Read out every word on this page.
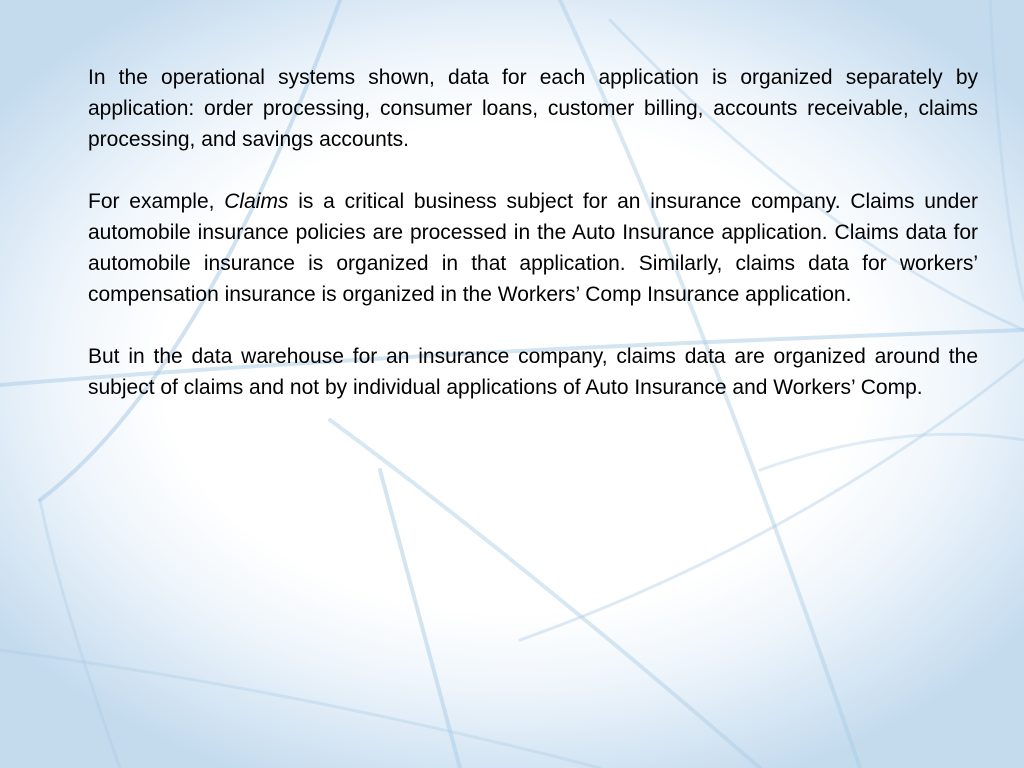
In the operational systems shown, data for each application is organized separately by application: order processing, consumer loans, customer billing, accounts receivable, claims processing, and savings accounts.

For example, Claims is a critical business subject for an insurance company. Claims under automobile insurance policies are processed in the Auto Insurance application. Claims data for automobile insurance is organized in that application. Similarly, claims data for workers’ compensation insurance is organized in the Workers’ Comp Insurance application.

But in the data warehouse for an insurance company, claims data are organized around the subject of claims and not by individual applications of Auto Insurance and Workers’ Comp.
